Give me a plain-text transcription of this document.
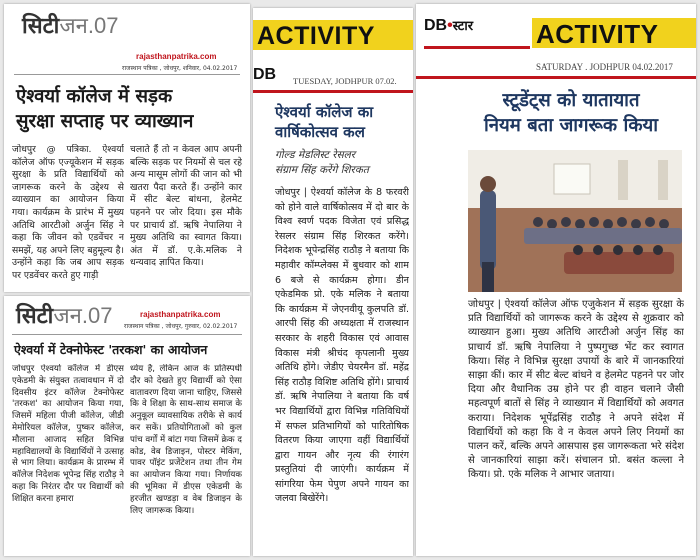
सिटीजन.07
rajasthanpatrika.com
राजस्थान पत्रिका , जोधपुर, शनिवार, 04.02.2017
ऐश्वर्या कॉलेज में सड़क
सुरक्षा सप्ताह पर व्याख्यान
जोधपुर @ पत्रिका. ऐश्वर्या कॉलेज ऑफ एज्यूकेशन में सड़क सुरक्षा के प्रति विद्यार्थियों को जागरूक करने के उद्देश्य से व्याख्यान का आयोजन किया गया। कार्यक्रम के प्रारंभ में मुख्य अतिथि आरटीओ अर्जुन सिंह ने कहा कि जीवन को एडवेंचर न समझें, यह अपने लिए बहुमूल्य है। उन्होंने कहा कि जब आप सड़क पर एडवेंचर करते हुए गाड़ी
चलाते हैं तो न केवल आप अपनी बल्कि सड़क पर नियमों से चल रहे अन्य मासूम लोगों की जान को भी खतरा पैदा करते हैं। उन्होंने कार में सीट बेल्ट बांधना, हेलमेट पहनने पर जोर दिया। इस मौके पर प्राचार्य डॉ. ऋषि नेपालिया ने मुख्य अतिथि का स्वागत किया। अंत में डॉ. ए.के.मलिक ने धन्यवाद ज्ञापित किया।
सिटीजन.07	rajasthanpatrika.com
राजस्थान पत्रिका , जोधपुर, गुरुवार, 02.02.2017
ऐश्वर्या में टेक्नोफेस्ट 'तरकश' का आयोजन
जोधपुर ऐश्वर्या कॉलेज में डीएस एकेडमी के संयुक्त तत्वावधान में दो दिवसीय इंटर कॉलेज टेक्नोफेस्ट 'तरकश' का आयोजन किया गया, जिसमें महिला पीजी कॉलेज, जीडी मेमोरियल कॉलेज, पुष्कर कॉलेज, मौलाना आजाद सहित विभिन्न महाविद्यालयों के विद्यार्थियों ने उत्साह से भाग लिया। कार्यक्रम के प्रारम्भ में कॉलेज निदेशक भूपेन्द्र सिंह राठौड़ ने कहा कि निरंतर दौर पर विद्यार्थी को शिक्षित करना हमारा
ध्येय है, लेकिन आज के प्रतिस्पर्धी दौर को देखते हुए विद्यार्थी को ऐसा वातावरण दिया जाना चाहिए, जिससे कि वे शिक्षा के साथ-साथ समाज के अनुकूल व्यावसायिक तरीके से कार्य कर सकें। प्रतियोगिताओं को कुल पांच वर्गों में बांटा गया जिसमें क्रेक द कोड, वेब डिजाइन, पोस्टर मेकिंग, पावर पॉइंट प्रजेंटेशन तथा तीन गेम का आयोजन किया गया। निर्णायक की भूमिका में डीएस एकेडमी के हरजीत खण्डड़ा व वेब डिजाइन के लिए जागरूक किया।
ACTIVITY
DB TUESDAY, JODHPUR 07.02.
ऐश्वर्या कॉलेज का
वार्षिकोत्सव कल
गोल्ड मेडलिस्ट रेसलर
संग्राम सिंह करेंगे शिरकत
जोधपुर | ऐश्वर्या कॉलेज के 8 फरवरी को होने वाले वार्षिकोत्सव में दो बार के विश्व स्वर्ण पदक विजेता एवं प्रसिद्ध रेसलर संग्राम सिंह शिरकत करेंगे। निदेशक भूपेन्द्रसिंह राठौड़ ने बताया कि महावीर कॉम्प्लेक्स में बुधवार को शाम 6 बजे से कार्यक्रम होगा। डीन एकेडमिक प्रो. एके मलिक ने बताया कि कार्यक्रम में जेएनवीयू कुलपति डॉ. आरपी सिंह की अध्यक्षता में राजस्थान सरकार के शहरी विकास एवं आवास विकास मंत्री श्रीचंद कृपलानी मुख्य अतिथि होंगे। जेडीए चेयरमैन डॉ. महेंद्र सिंह राठौड़ विशिष्ट अतिथि होंगे। प्राचार्य डॉ. ऋषि नेपालिया ने बताया कि वर्ष भर विद्यार्थियों द्वारा विभिन्न गतिविधियों में सफल प्रतिभागियों को पारितोषिक वितरण किया जाएगा वहीं विद्यार्थियों द्वारा गायन और नृत्य की रंगारंग प्रस्तुतियां दी जाएंगी। कार्यक्रम में सांगरिया फेम पेपुण अपने गायन का जलवा बिखेरेंगे।
DB•स्टार ACTIVITY
SATURDAY . JODHPUR 04.02.2017
स्टूडेंट्स को यातायात
नियम बता जागरूक किया
जोधपुर | ऐश्वर्या कॉलेज ऑफ एजुकेशन में सड़क सुरक्षा के प्रति विद्यार्थियों को जागरूक करने के उद्देश्य से शुक्रवार को व्याख्यान हुआ। मुख्य अतिथि आरटीओ अर्जुन सिंह का प्राचार्य डॉ. ऋषि नेपालिया ने पुष्पगुच्छ भेंट कर स्वागत किया। सिंह ने विभिन्न सुरक्षा उपायों के बारे में जानकारियां साझा कीं। कार में सीट बेल्ट बांधने व हेलमेट पहनने पर जोर दिया और वैधानिक उम्र होने पर ही वाहन चलाने जैसी महत्वपूर्ण बातों से सिंह ने व्याख्यान में विद्यार्थियों को अवगत कराया। निदेशक भूपेंद्रसिंह राठौड़ ने अपने संदेश में विद्यार्थियों को कहा कि वे न केवल अपने लिए नियमों का पालन करें, बल्कि अपने आसपास इस जागरूकता भरे संदेश से जानकारियां साझा करें। संचालन प्रो. बसंत कल्ला ने किया। प्रो. एके मलिक ने आभार जताया।
